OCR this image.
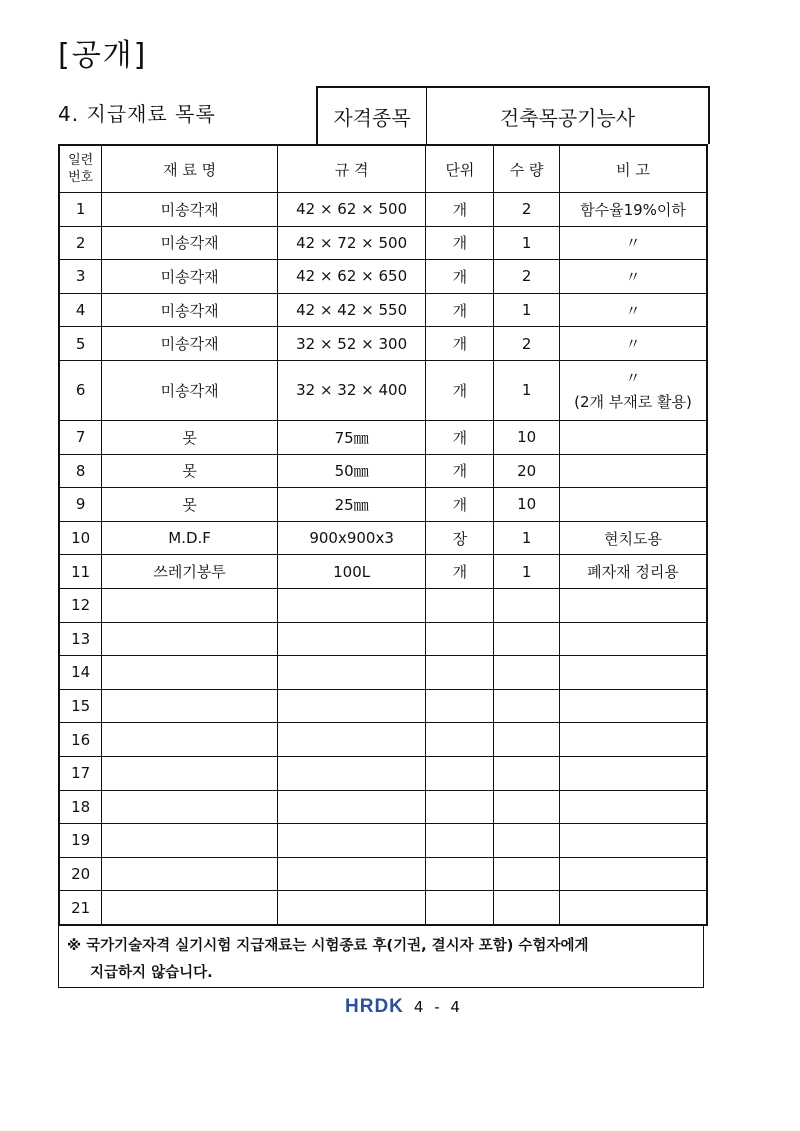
[공개]
4. 지급재료 목록	자격종목	건축목공기능사
일련
번호	재 료 명	규 격	단위	수 량	비 고
1	미송각재	42 × 62 × 500	개	2	함수율19%이하
2	미송각재	42 × 72 × 500	개	1	〃
3	미송각재	42 × 62 × 650	개	2	〃
4	미송각재	42 × 42 × 550	개	1	〃
5	미송각재	32 × 52 × 300	개	2	〃
6	미송각재	32 × 32 × 400	개	1	〃
(2개 부재로 활용)

7	못	75㎜	개	10	
8	못	50㎜	개	20	
9	못	25㎜	개	10	
10	M.D.F	900x900x3	장	1	현치도용
11	쓰레기봉투	100L	개	1	폐자재 정리용
12					
13					
14					
15					
16					
17					
18					
19					
20					
21					
※ 국가기술자격 실기시험 지급재료는 시험종료 후(기권, 결시자 포함) 수험자에게
지급하지 않습니다.
HRDK 4 - 4
